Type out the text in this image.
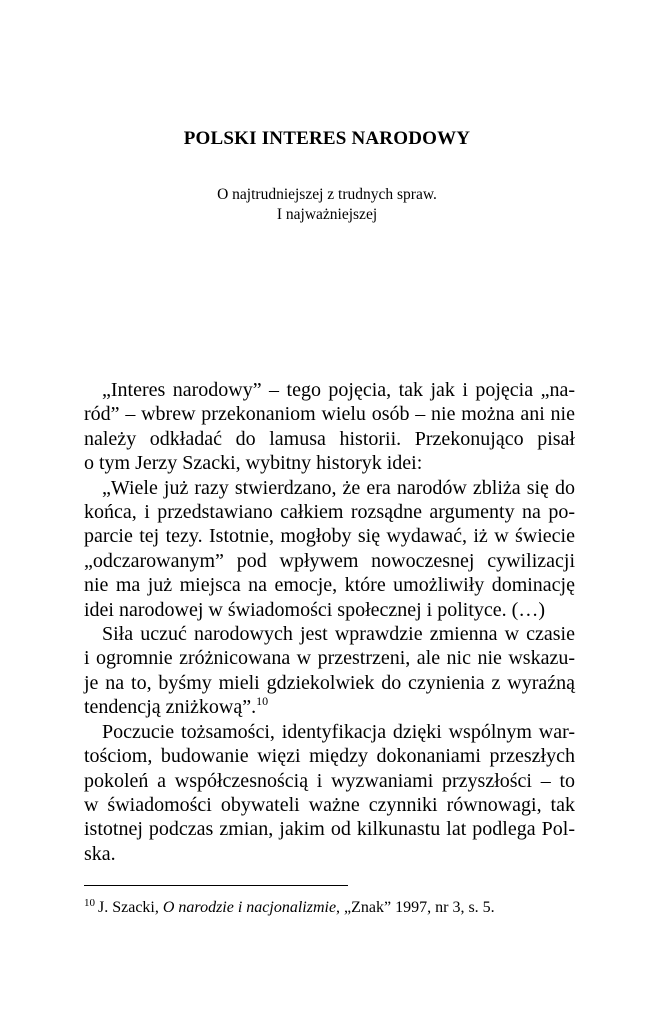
POLSKI INTERES NARODOWY
O najtrudniejszej z trudnych spraw.
I najważniejszej
„Interes narodowy” – tego pojęcia, tak jak i pojęcia „na-
ród” – wbrew przekonaniom wielu osób – nie można ani nie
należy odkładać do lamusa historii. Przekonująco pisał
o tym Jerzy Szacki, wybitny historyk idei:
„Wiele już razy stwierdzano, że era narodów zbliża się do
końca, i przedstawiano całkiem rozsądne argumenty na po-
parcie tej tezy. Istotnie, mogłoby się wydawać, iż w świecie
„odczarowanym” pod wpływem nowoczesnej cywilizacji
nie ma już miejsca na emocje, które umożliwiły dominację
idei narodowej w świadomości społecznej i polityce. (…)
Siła uczuć narodowych jest wprawdzie zmienna w czasie
i ogromnie zróżnicowana w przestrzeni, ale nic nie wskazu-
je na to, byśmy mieli gdziekolwiek do czynienia z wyraźną
tendencją zniżkową”.$^{10}$
Poczucie tożsamości, identyfikacja dzięki wspólnym war-
tościom, budowanie więzi między dokonaniami przeszłych
pokoleń a współczesnością i wyzwaniami przyszłości – to
w świadomości obywateli ważne czynniki równowagi, tak
istotnej podczas zmian, jakim od kilkunastu lat podlega Pol-
ska.
$^{10}$ J. Szacki, O narodzie i nacjonalizmie, „Znak” 1997, nr 3, s. 5.
